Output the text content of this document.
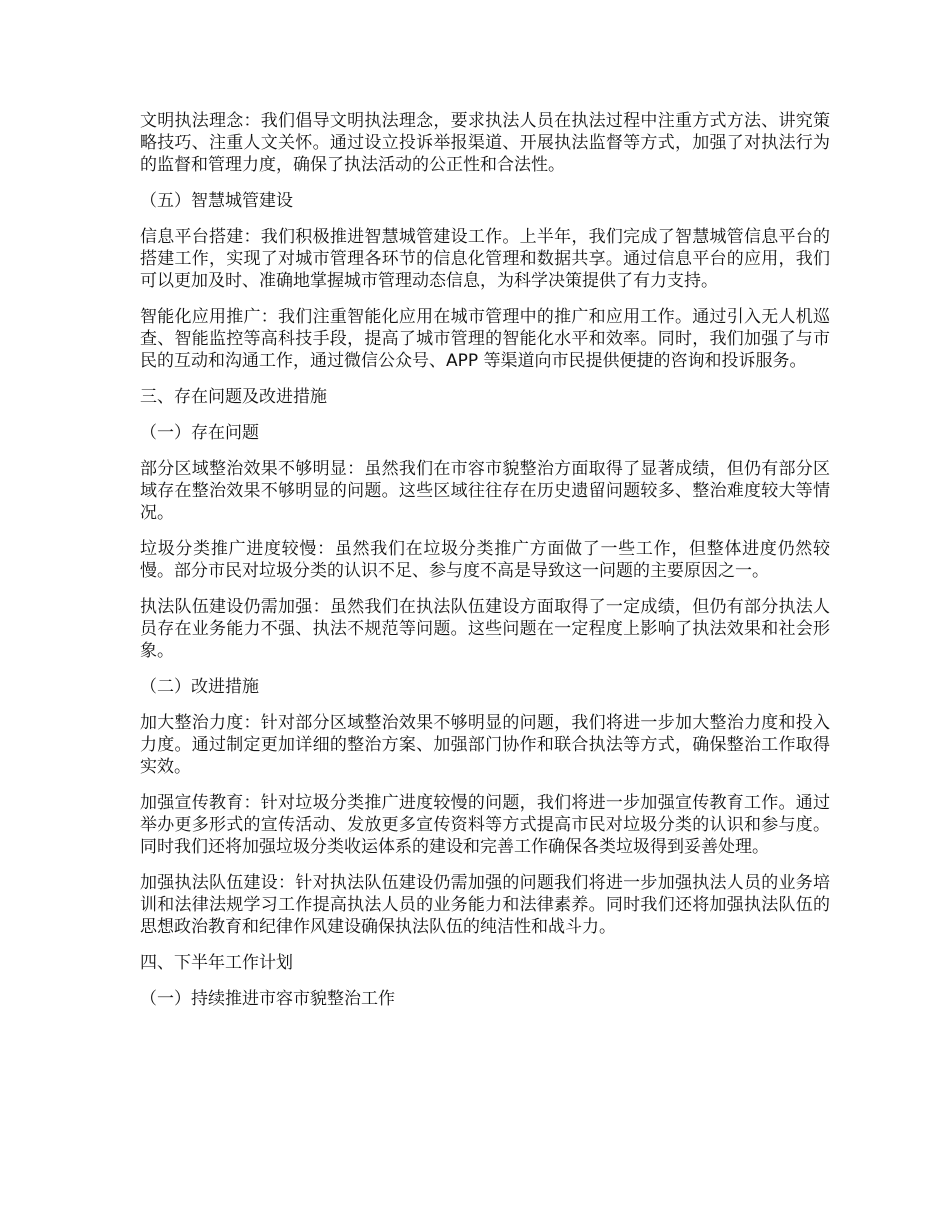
文明执法理念：我们倡导文明执法理念，要求执法人员在执法过程中注重方式方法、讲究策略技巧、注重人文关怀。通过设立投诉举报渠道、开展执法监督等方式，加强了对执法行为的监督和管理力度，确保了执法活动的公正性和合法性。

（五）智慧城管建设

信息平台搭建：我们积极推进智慧城管建设工作。上半年，我们完成了智慧城管信息平台的搭建工作，实现了对城市管理各环节的信息化管理和数据共享。通过信息平台的应用，我们可以更加及时、准确地掌握城市管理动态信息，为科学决策提供了有力支持。

智能化应用推广：我们注重智能化应用在城市管理中的推广和应用工作。通过引入无人机巡查、智能监控等高科技手段，提高了城市管理的智能化水平和效率。同时，我们加强了与市民的互动和沟通工作，通过微信公众号、APP 等渠道向市民提供便捷的咨询和投诉服务。

三、存在问题及改进措施

（一）存在问题

部分区域整治效果不够明显：虽然我们在市容市貌整治方面取得了显著成绩，但仍有部分区域存在整治效果不够明显的问题。这些区域往往存在历史遗留问题较多、整治难度较大等情况。

垃圾分类推广进度较慢：虽然我们在垃圾分类推广方面做了一些工作，但整体进度仍然较慢。部分市民对垃圾分类的认识不足、参与度不高是导致这一问题的主要原因之一。

执法队伍建设仍需加强：虽然我们在执法队伍建设方面取得了一定成绩，但仍有部分执法人员存在业务能力不强、执法不规范等问题。这些问题在一定程度上影响了执法效果和社会形象。

（二）改进措施

加大整治力度：针对部分区域整治效果不够明显的问题，我们将进一步加大整治力度和投入力度。通过制定更加详细的整治方案、加强部门协作和联合执法等方式，确保整治工作取得实效。

加强宣传教育：针对垃圾分类推广进度较慢的问题，我们将进一步加强宣传教育工作。通过举办更多形式的宣传活动、发放更多宣传资料等方式提高市民对垃圾分类的认识和参与度。同时我们还将加强垃圾分类收运体系的建设和完善工作确保各类垃圾得到妥善处理。

加强执法队伍建设：针对执法队伍建设仍需加强的问题我们将进一步加强执法人员的业务培训和法律法规学习工作提高执法人员的业务能力和法律素养。同时我们还将加强执法队伍的思想政治教育和纪律作风建设确保执法队伍的纯洁性和战斗力。

四、下半年工作计划

（一）持续推进市容市貌整治工作
